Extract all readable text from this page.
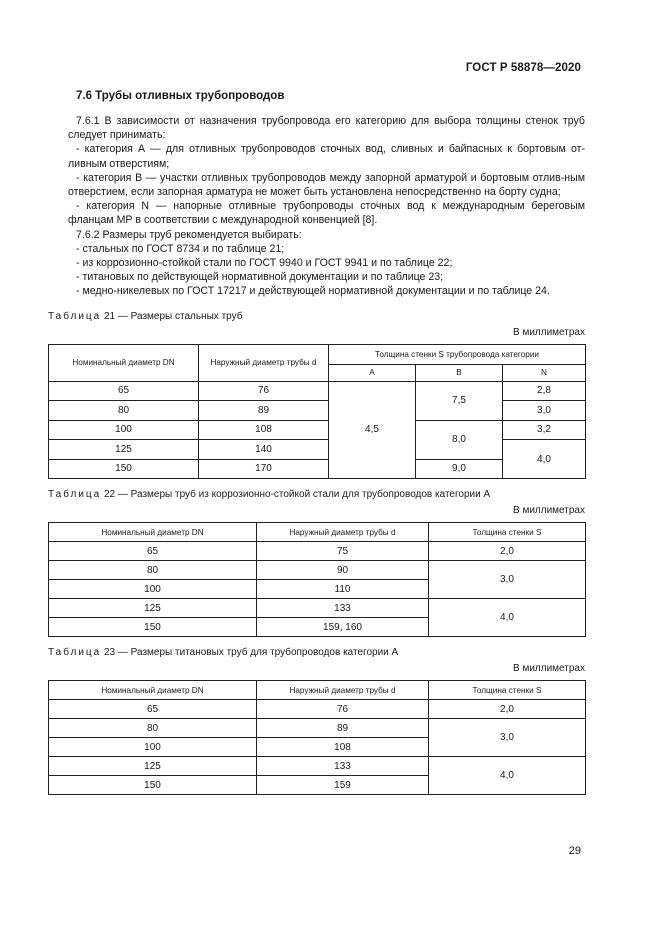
ГОСТ Р 58878—2020
7.6 Трубы отливных трубопроводов

7.6.1 В зависимости от назначения трубопровода его категорию для выбора толщины стенок труб следует принимать:

- категория А — для отливных трубопроводов сточных вод, сливных и байпасных к бортовым от-ливным отверстиям;

- категория В — участки отливных трубопроводов между запорной арматурой и бортовым отлив-ным отверстием, если запорная арматура не может быть установлена непосредственно на борту судна;

- категория N — напорные отливные трубопроводы сточных вод к международным береговым фланцам МР в соответствии с международной конвенцией [8].

7.6.2 Размеры труб рекомендуется выбирать:

- стальных по ГОСТ 8734 и по таблице 21;

- из коррозионно-стойкой стали по ГОСТ 9940 и ГОСТ 9941 и по таблице 22;

- титановых по действующей нормативной документации и по таблице 23;

- медно-никелевых по ГОСТ 17217 и действующей нормативной документации и по таблице 24.

Таблица 21 — Размеры стальных труб
В миллиметрах
Номинальный диаметр DN	Наружный диаметр трубы d	Толщина стенки S трубопровода категории		
		А	В	N
65	76	4,5	7,5	2,8
80	89			3,0
100	108		8,0	3,2
125	140			4,0
150	170		9,0	
Таблица 22 — Размеры труб из коррозионно-стойкой стали для трубопроводов категории А
В миллиметрах
Номинальный диаметр DN	Наружный диаметр трубы d	Толщина стенки S
65	75	2,0
80	90	3,0
100	110	
125	133	4,0
150	159, 160	
Таблица 23 — Размеры титановых труб для трубопроводов категории А
В миллиметрах
Номинальный диаметр DN	Наружный диаметр трубы d	Толщина стенки S
65	76	2,0
80	89	3,0
100	108	
125	133	4,0
150	159	
29
